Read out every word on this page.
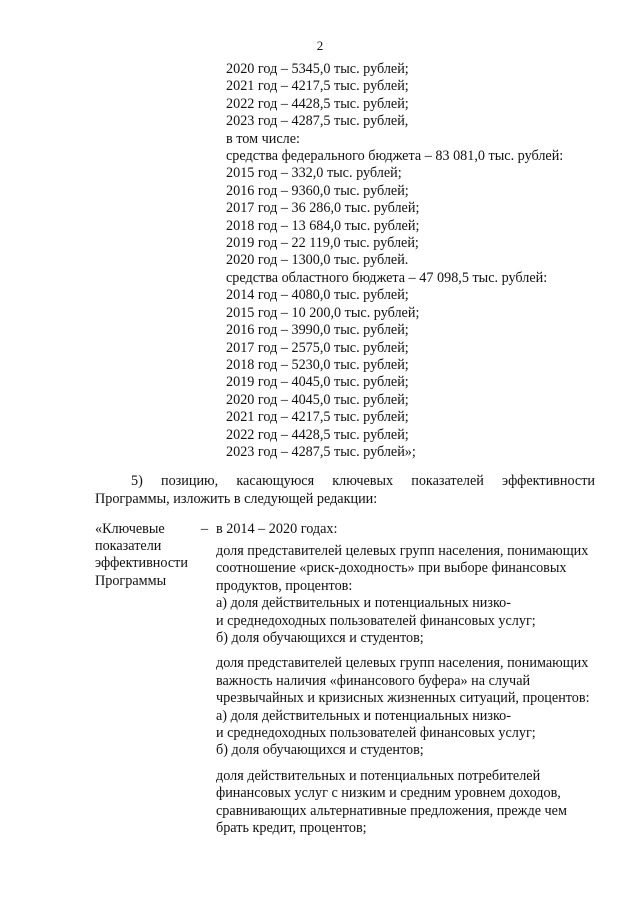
2
2020 год – 5345,0 тыс. рублей;
2021 год – 4217,5 тыс. рублей;
2022 год – 4428,5 тыс. рублей;
2023 год – 4287,5 тыс. рублей,
в том числе:
средства федерального бюджета – 83 081,0 тыс. рублей:
2015 год – 332,0 тыс. рублей;
2016 год – 9360,0 тыс. рублей;
2017 год – 36 286,0 тыс. рублей;
2018 год – 13 684,0 тыс. рублей;
2019 год – 22 119,0 тыс. рублей;
2020 год – 1300,0 тыс. рублей.
средства областного бюджета – 47 098,5 тыс. рублей:
2014 год – 4080,0 тыс. рублей;
2015 год – 10 200,0 тыс. рублей;
2016 год – 3990,0 тыс. рублей;
2017 год – 2575,0 тыс. рублей;
2018 год – 5230,0 тыс. рублей;
2019 год – 4045,0 тыс. рублей;
2020 год – 4045,0 тыс. рублей;
2021 год – 4217,5 тыс. рублей;
2022 год – 4428,5 тыс. рублей;
2023 год – 4287,5 тыс. рублей»;
5) позицию, касающуюся ключевых показателей эффективности
Программы, изложить в следующей редакции:
«Ключевые
показатели
эффективности
Программы
– в 2014 – 2020 годах:
доля представителей целевых групп населения, понимающих
соотношение «риск-доходность» при выборе финансовых
продуктов, процентов:
а) доля действительных и потенциальных низко-
и среднедоходных пользователей финансовых услуг;
б) доля обучающихся и студентов;
доля представителей целевых групп населения, понимающих
важность наличия «финансового буфера» на случай
чрезвычайных и кризисных жизненных ситуаций, процентов:
а) доля действительных и потенциальных низко-
и среднедоходных пользователей финансовых услуг;
б) доля обучающихся и студентов;
доля действительных и потенциальных потребителей
финансовых услуг с низким и средним уровнем доходов,
сравнивающих альтернативные предложения, прежде чем
брать кредит, процентов;
